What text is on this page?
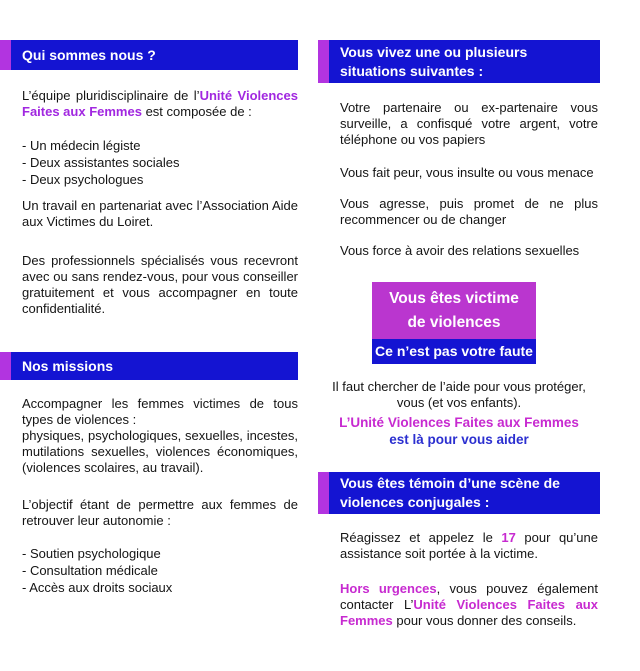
Qui sommes nous ?
L’équipe pluridisciplinaire de l’Unité Violences Faites aux Femmes est composée de :
- Un médecin légiste
- Deux assistantes sociales
- Deux psychologues
Un travail en partenariat avec l’Association Aide aux Victimes du Loiret.
Des professionnels spécialisés vous recevront avec ou sans rendez-vous, pour vous conseiller gratuitement et vous accompagner en toute confidentialité.
Nos missions
Accompagner les femmes victimes de tous types de violences :
physiques, psychologiques, sexuelles, incestes, mutilations sexuelles, violences économiques, (violences scolaires, au travail).
L’objectif étant de permettre aux femmes de retrouver leur autonomie :
- Soutien psychologique
- Consultation médicale
- Accès aux droits sociaux
Vous vivez une ou plusieurs situations suivantes :
Votre partenaire ou ex-partenaire vous surveille, a confisqué votre argent, votre téléphone ou vos papiers
Vous fait peur, vous insulte ou vous menace
Vous agresse, puis promet de ne plus recommencer ou de changer
Vous force à avoir des relations sexuelles
Vous êtes victime
de violences
Ce n’est pas votre faute
Il faut chercher de l’aide pour vous protéger,
vous (et vos enfants).
L’Unité Violences Faites aux Femmes
est là pour vous aider
Vous êtes témoin d’une scène de violences conjugales :
Réagissez et appelez le 17 pour qu’une assistance soit portée à la victime.
Hors urgences, vous pouvez également contacter L’Unité Violences Faites aux Femmes pour vous donner des conseils.
